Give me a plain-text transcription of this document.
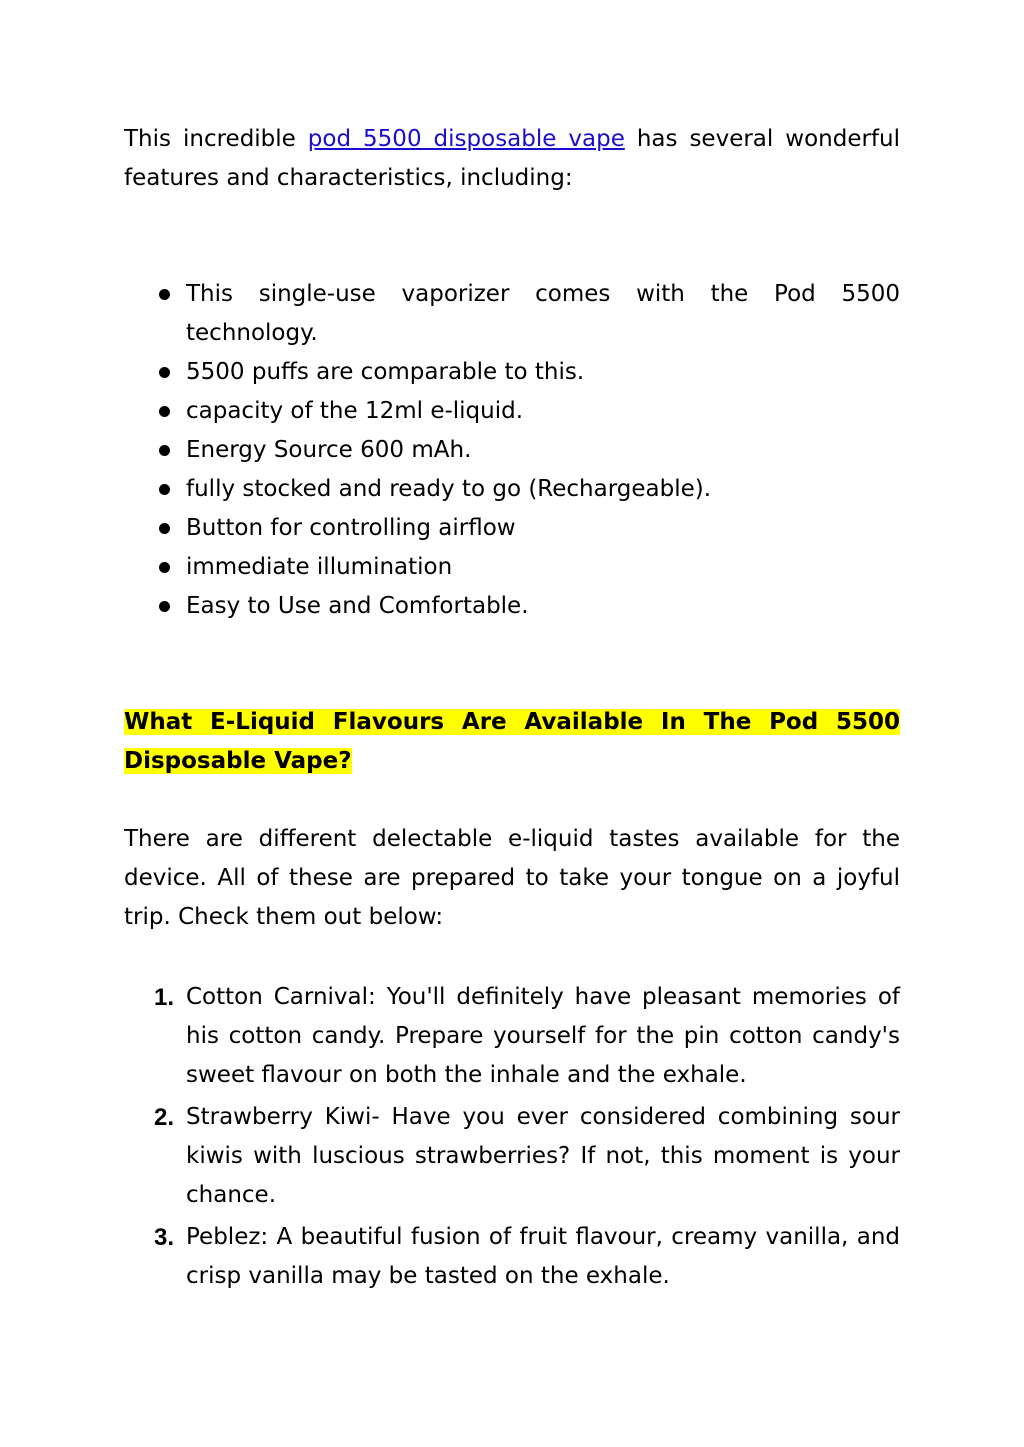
This incredible pod 5500 disposable vape has several wonderful features and characteristics, including:

This single-use vaporizer comes with the Pod 5500 technology.
5500 puffs are comparable to this.
capacity of the 12ml e-liquid.
Energy Source 600 mAh.
fully stocked and ready to go (Rechargeable).
Button for controlling airflow
immediate illumination
Easy to Use and Comfortable.
What E-Liquid Flavours Are Available In The Pod 5500 Disposable Vape?

There are different delectable e-liquid tastes available for the device. All of these are prepared to take your tongue on a joyful trip. Check them out below:

1. Cotton Carnival: You'll definitely have pleasant memories of his cotton candy. Prepare yourself for the pin cotton candy's sweet flavour on both the inhale and the exhale.
2. Strawberry Kiwi- Have you ever considered combining sour kiwis with luscious strawberries? If not, this moment is your chance.
3. Peblez: A beautiful fusion of fruit flavour, creamy vanilla, and crisp vanilla may be tasted on the exhale.
